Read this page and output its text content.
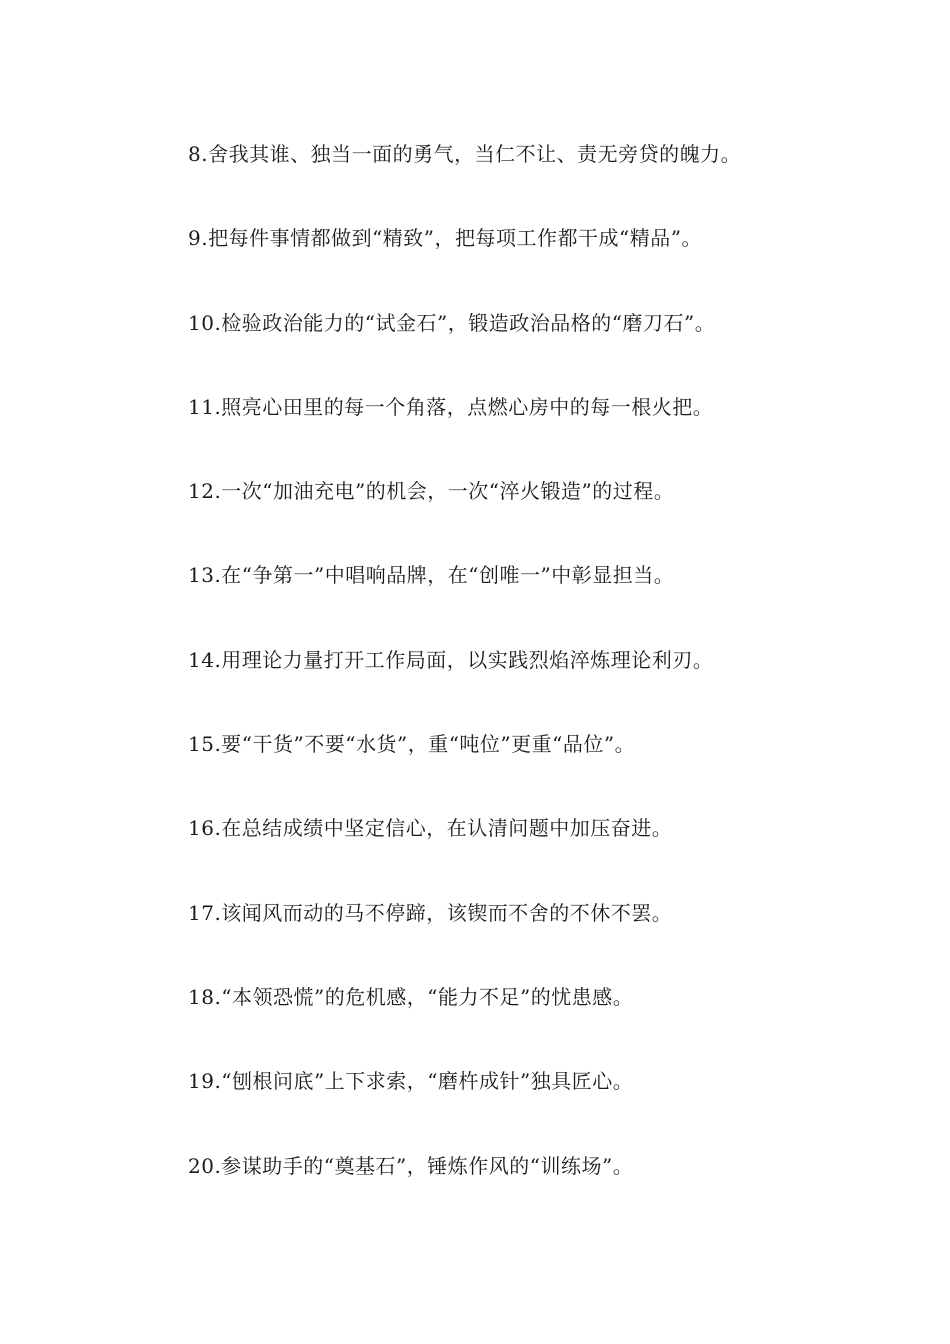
8.舍我其谁、独当一面的勇气，当仁不让、责无旁贷的魄力。

9.把每件事情都做到“精致”，把每项工作都干成“精品”。

10.检验政治能力的“试金石”，锻造政治品格的“磨刀石”。

11.照亮心田里的每一个角落，点燃心房中的每一根火把。

12.一次“加油充电”的机会，一次“淬火锻造”的过程。

13.在“争第一”中唱响品牌，在“创唯一”中彰显担当。

14.用理论力量打开工作局面，以实践烈焰淬炼理论利刃。

15.要“干货”不要“水货”，重“吨位”更重“品位”。

16.在总结成绩中坚定信心，在认清问题中加压奋进。

17.该闻风而动的马不停蹄，该锲而不舍的不休不罢。

18.“本领恐慌”的危机感，“能力不足”的忧患感。

19.“刨根问底”上下求索，“磨杵成针”独具匠心。

20.参谋助手的“奠基石”，锤炼作风的“训练场”。
